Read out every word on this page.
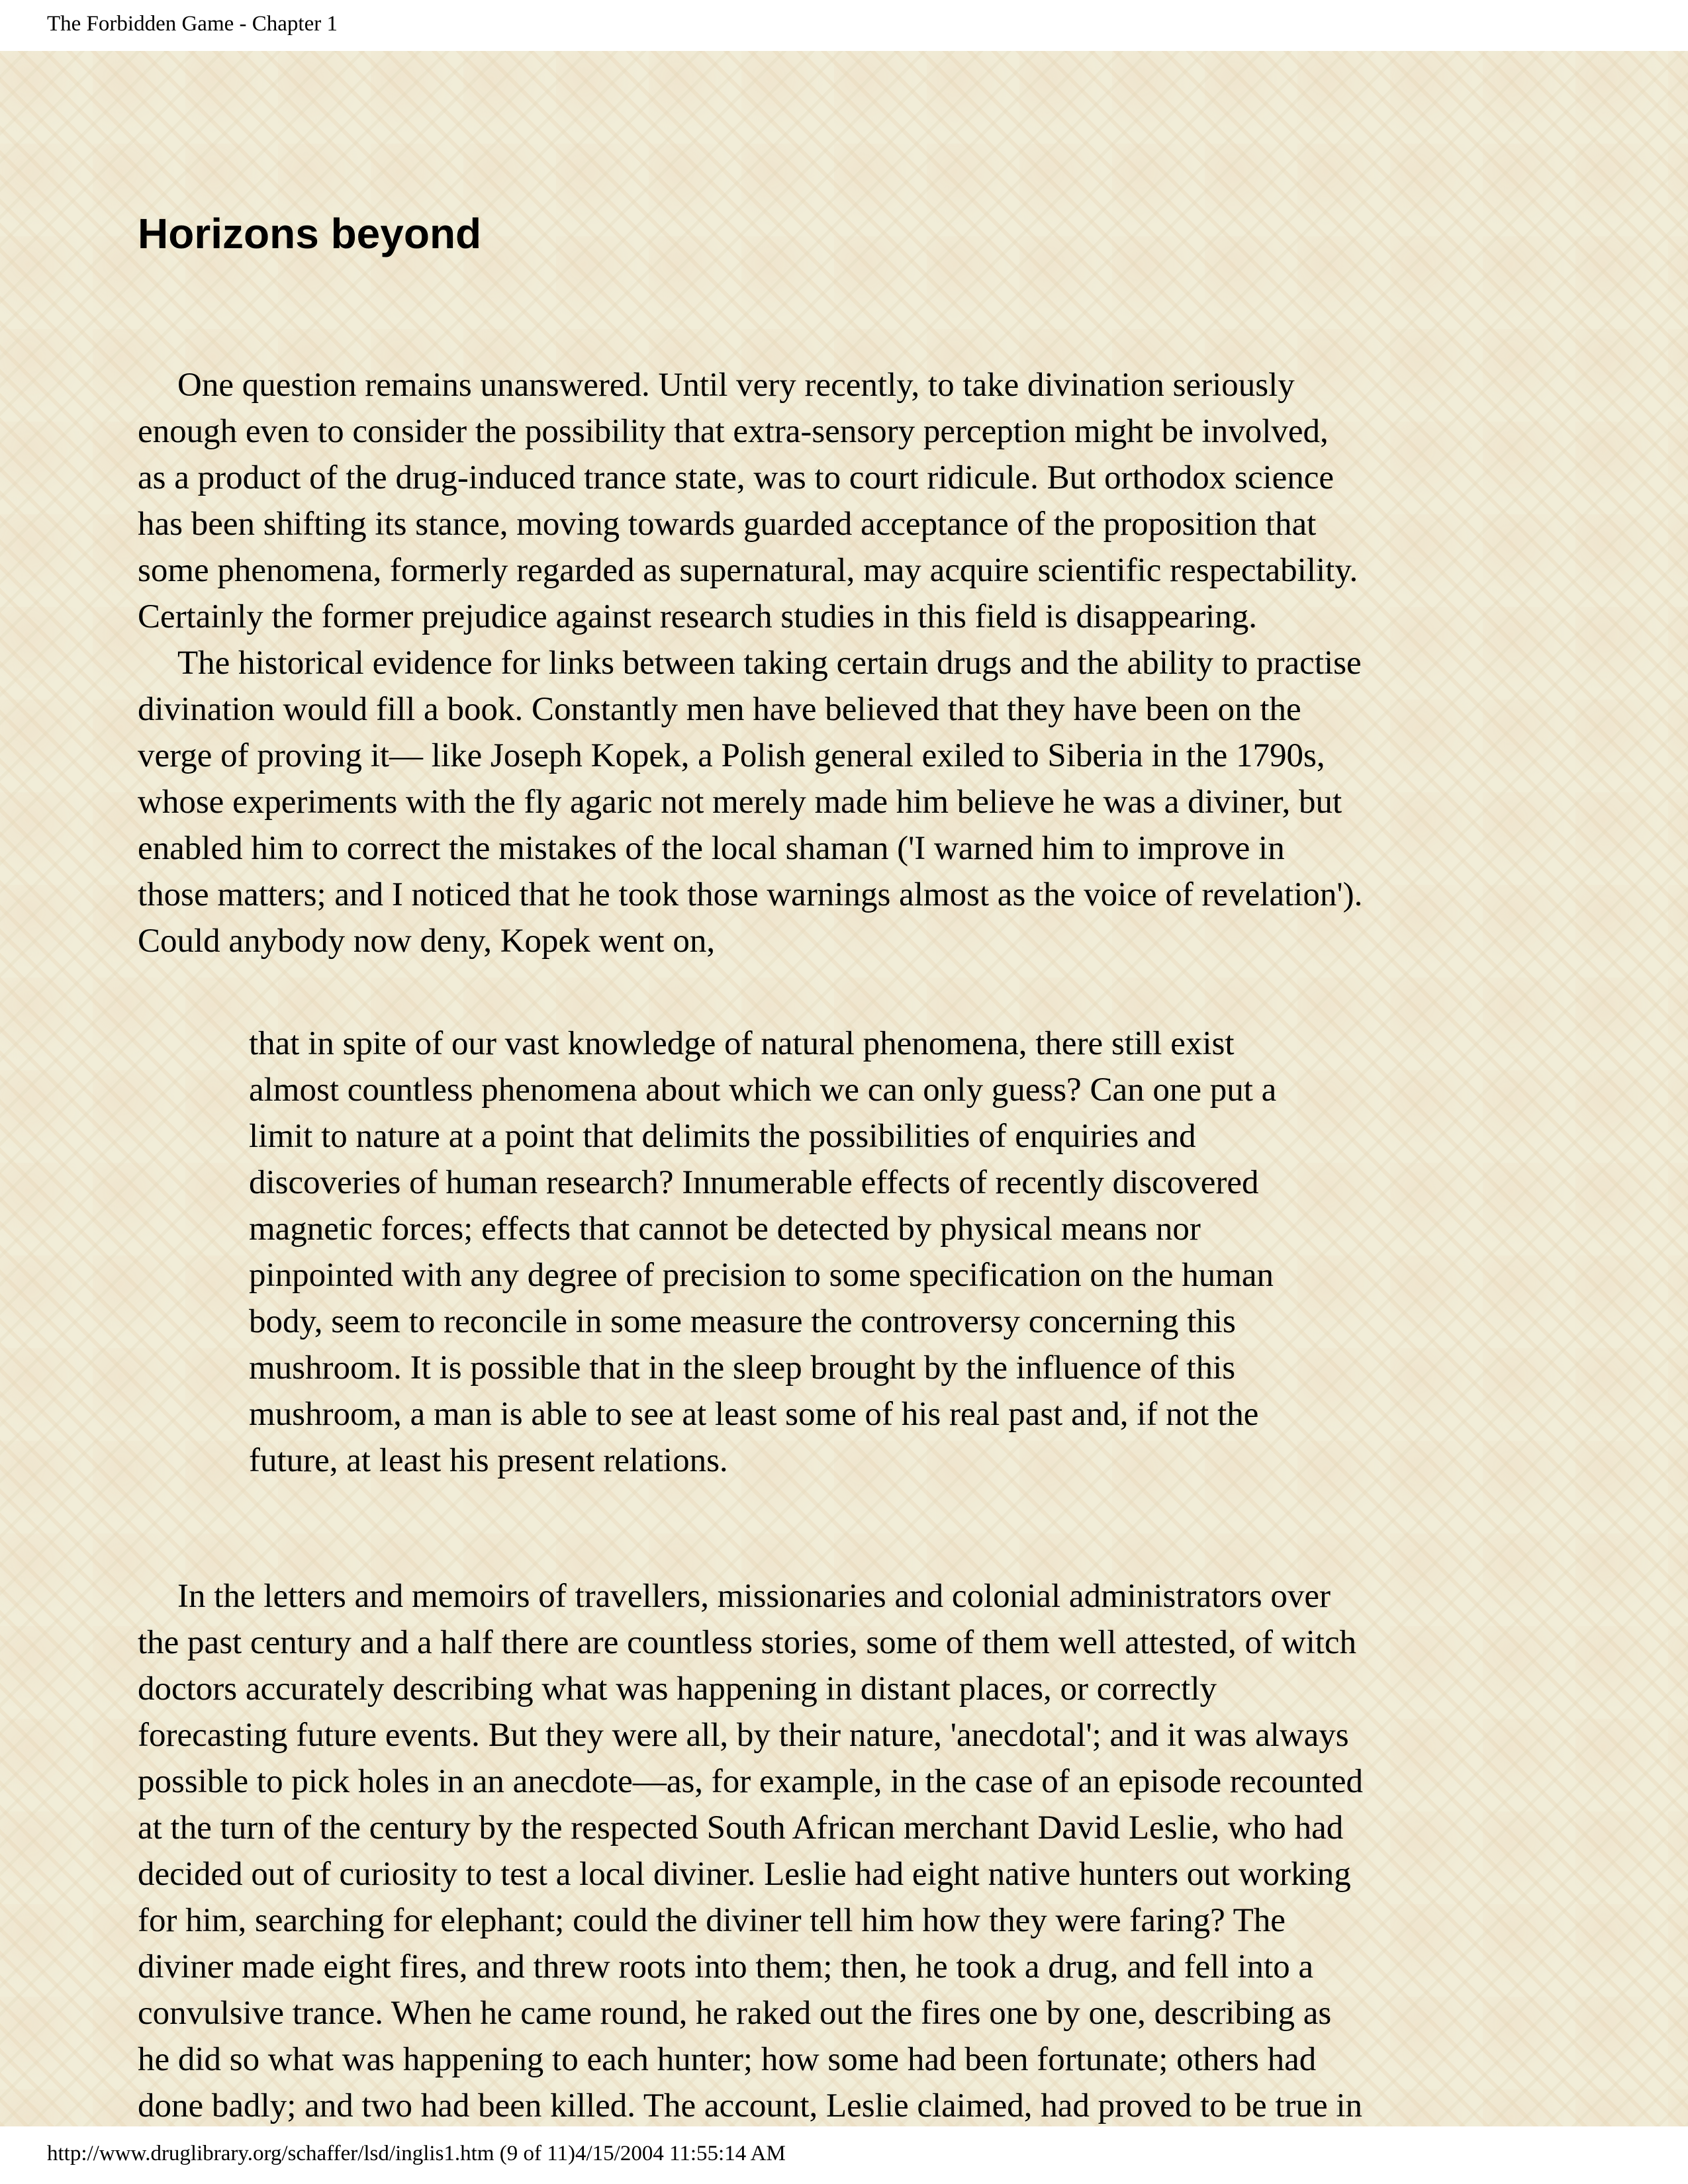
The Forbidden Game - Chapter 1
Horizons beyond
One question remains unanswered. Until very recently, to take divination seriously
enough even to consider the possibility that extra-sensory perception might be involved,
as a product of the drug-induced trance state, was to court ridicule. But orthodox science
has been shifting its stance, moving towards guarded acceptance of the proposition that
some phenomena, formerly regarded as supernatural, may acquire scientific respectability.
Certainly the former prejudice against research studies in this field is disappearing.
The historical evidence for links between taking certain drugs and the ability to practise
divination would fill a book. Constantly men have believed that they have been on the
verge of proving it— like Joseph Kopek, a Polish general exiled to Siberia in the 1790s,
whose experiments with the fly agaric not merely made him believe he was a diviner, but
enabled him to correct the mistakes of the local shaman ('I warned him to improve in
those matters; and I noticed that he took those warnings almost as the voice of revelation').
Could anybody now deny, Kopek went on,
that in spite of our vast knowledge of natural phenomena, there still exist
almost countless phenomena about which we can only guess? Can one put a
limit to nature at a point that delimits the possibilities of enquiries and
discoveries of human research? Innumerable effects of recently discovered
magnetic forces; effects that cannot be detected by physical means nor
pinpointed with any degree of precision to some specification on the human
body, seem to reconcile in some measure the controversy concerning this
mushroom. It is possible that in the sleep brought by the influence of this
mushroom, a man is able to see at least some of his real past and, if not the
future, at least his present relations.
In the letters and memoirs of travellers, missionaries and colonial administrators over
the past century and a half there are countless stories, some of them well attested, of witch
doctors accurately describing what was happening in distant places, or correctly
forecasting future events. But they were all, by their nature, 'anecdotal'; and it was always
possible to pick holes in an anecdote—as, for example, in the case of an episode recounted
at the turn of the century by the respected South African merchant David Leslie, who had
decided out of curiosity to test a local diviner. Leslie had eight native hunters out working
for him, searching for elephant; could the diviner tell him how they were faring? The
diviner made eight fires, and threw roots into them; then, he took a drug, and fell into a
convulsive trance. When he came round, he raked out the fires one by one, describing as
he did so what was happening to each hunter; how some had been fortunate; others had
done badly; and two had been killed. The account, Leslie claimed, had proved to be true in
http://www.druglibrary.org/schaffer/lsd/inglis1.htm (9 of 11)4/15/2004 11:55:14 AM
